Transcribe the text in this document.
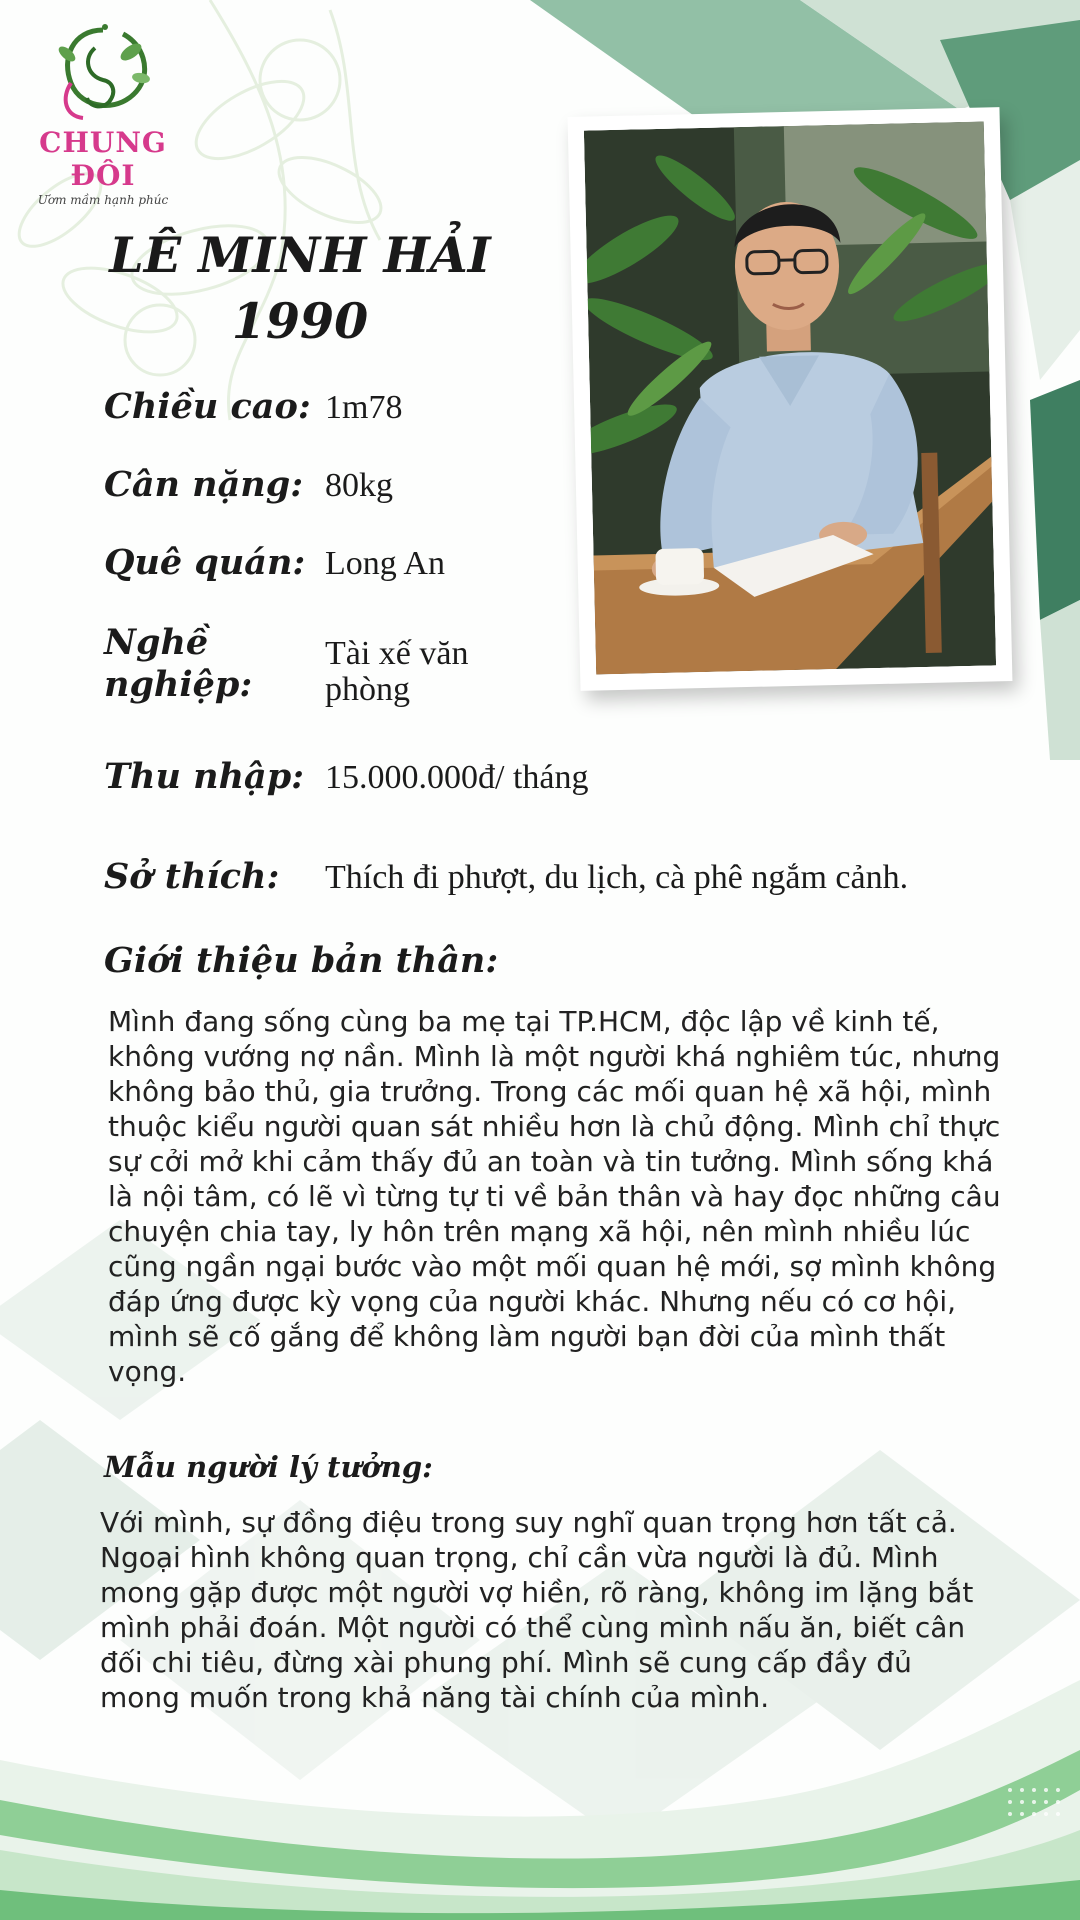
CHUNG ĐÔI
Ươm mầm hạnh phúc
LÊ MINH HẢI
1990
Chiều cao: 1m78
Cân nặng: 80kg
Quê quán: Long An
Nghề nghiệp:
Tài xế văn phòng
Thu nhập: 15.000.000đ/ tháng
Sở thích: Thích đi phượt, du lịch, cà phê ngắm cảnh.
Giới thiệu bản thân:
Mình đang sống cùng ba mẹ tại TP.HCM, độc lập về kinh tế, không vướng nợ nần. Mình là một người khá nghiêm túc, nhưng không bảo thủ, gia trưởng. Trong các mối quan hệ xã hội, mình thuộc kiểu người quan sát nhiều hơn là chủ động. Mình chỉ thực sự cởi mở khi cảm thấy đủ an toàn và tin tưởng. Mình sống khá là nội tâm, có lẽ vì từng tự ti về bản thân và hay đọc những câu chuyện chia tay, ly hôn trên mạng xã hội, nên mình nhiều lúc cũng ngần ngại bước vào một mối quan hệ mới, sợ mình không đáp ứng được kỳ vọng của người khác. Nhưng nếu có cơ hội, mình sẽ cố gắng để không làm người bạn đời của mình thất vọng.
Mẫu người lý tưởng:
Với mình, sự đồng điệu trong suy nghĩ quan trọng hơn tất cả. Ngoại hình không quan trọng, chỉ cần vừa người là đủ. Mình mong gặp được một người vợ hiền, rõ ràng, không im lặng bắt mình phải đoán. Một người có thể cùng mình nấu ăn, biết cân đối chi tiêu, đừng xài phung phí. Mình sẽ cung cấp đầy đủ mong muốn trong khả năng tài chính của mình.
